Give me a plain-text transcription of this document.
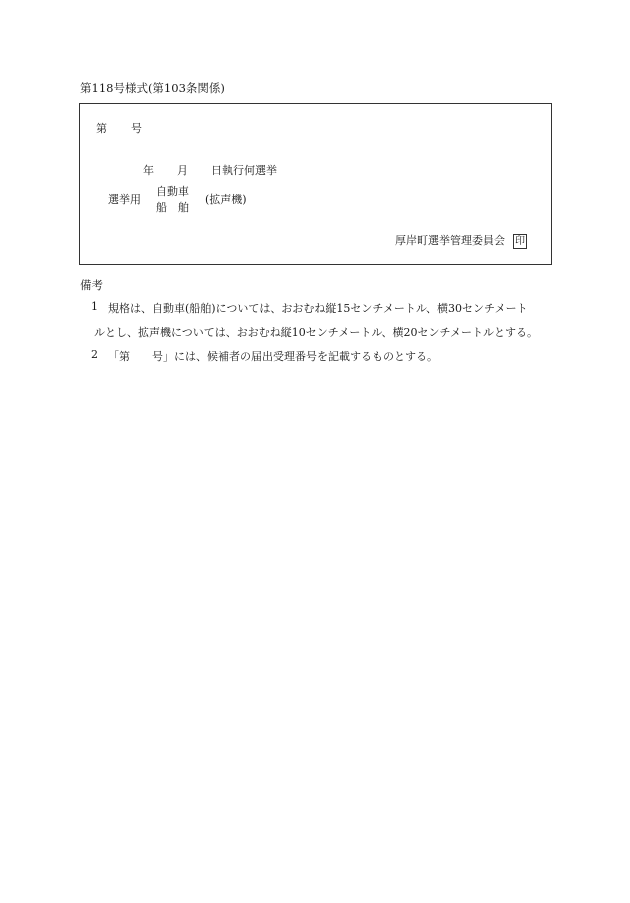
第118号様式(第103条関係)
第 号
年 月 日執行何選挙
選挙用
自動車
船　舶
(拡声機)
厚岸町選挙管理委員会 印
備考
1 規格は、自動車(船舶)については、おおむね縦15センチメートル、横30センチメート
ルとし、拡声機については、おおむね縦10センチメートル、横20センチメートルとする。
2 「第　　号」には、候補者の届出受理番号を記載するものとする。
